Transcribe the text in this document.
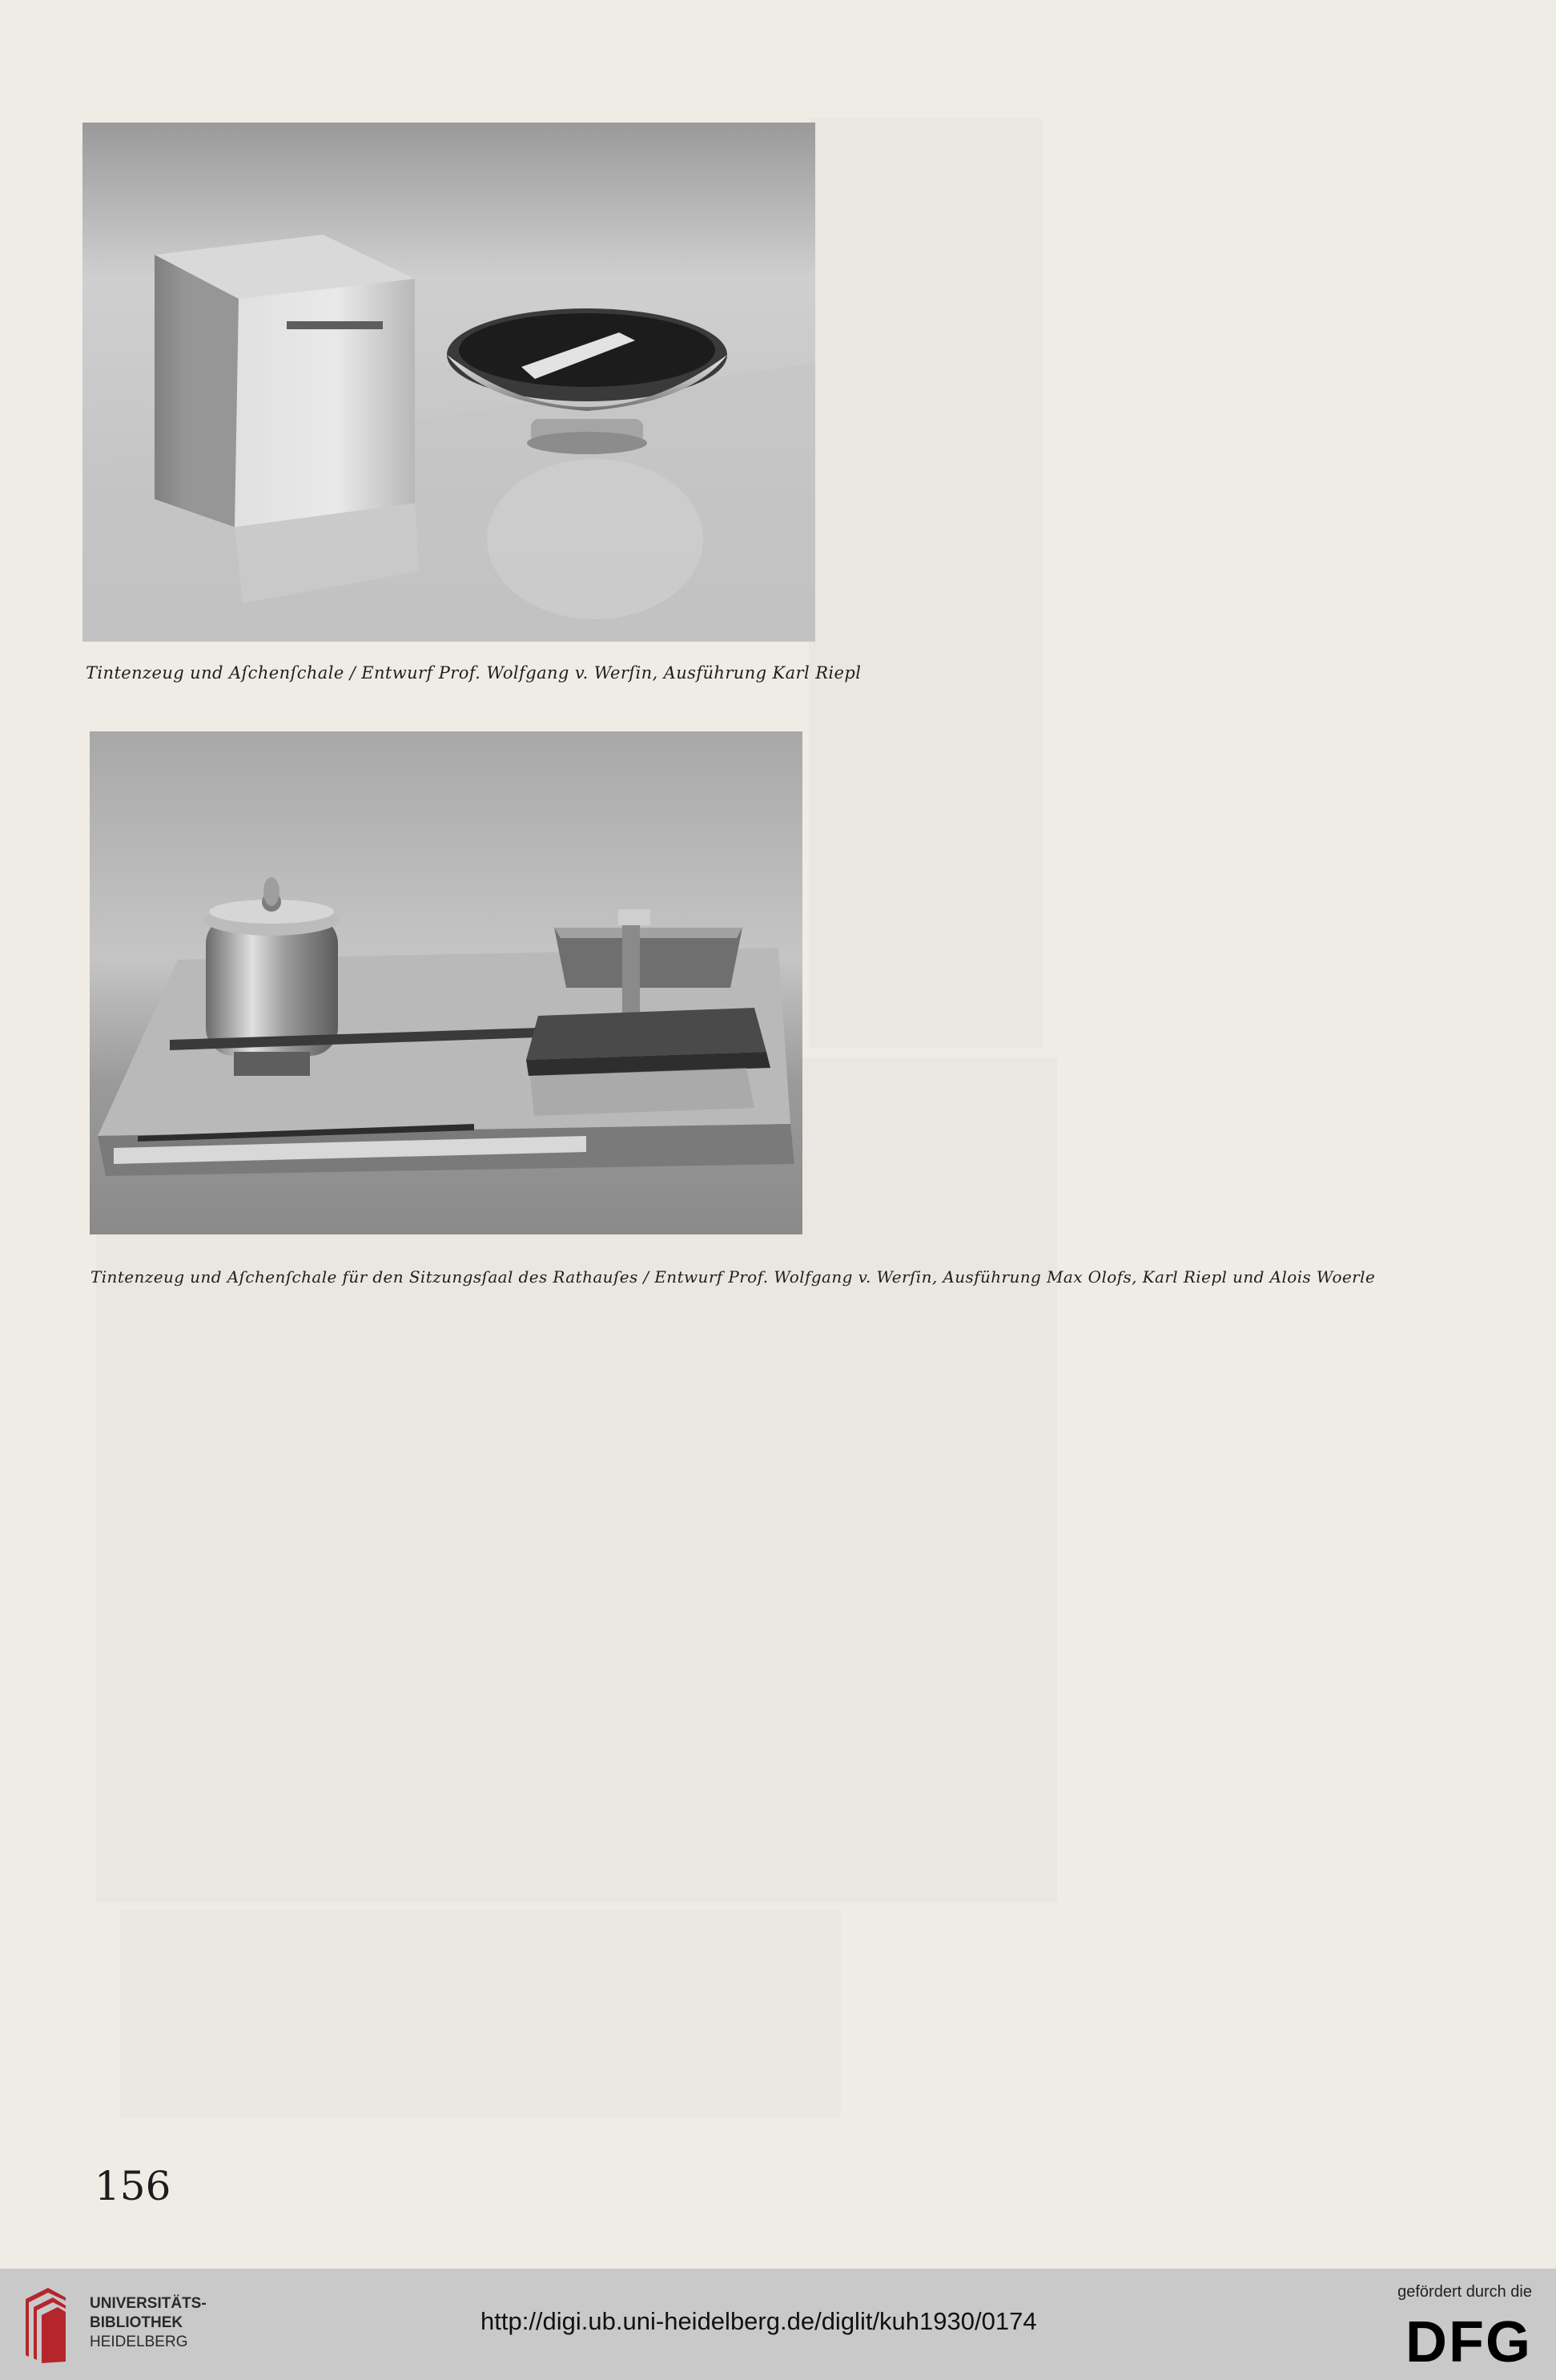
Tintenzeug und Aſchenſchale / Entwurf Prof. Wolfgang v. Werſin, Ausführung Karl Riepl
Tintenzeug und Aſchenſchale für den Sitzungsſaal des Rathauſes / Entwurf Prof. Wolfgang v. Werſin, Ausführung Max Olofs, Karl Riepl und Alois Woerle
156
UNIVERSITÄTS-
BIBLIOTHEK
HEIDELBERG
http://digi.ub.uni-heidelberg.de/diglit/kuh1930/0174
gefördert durch die
DFG
